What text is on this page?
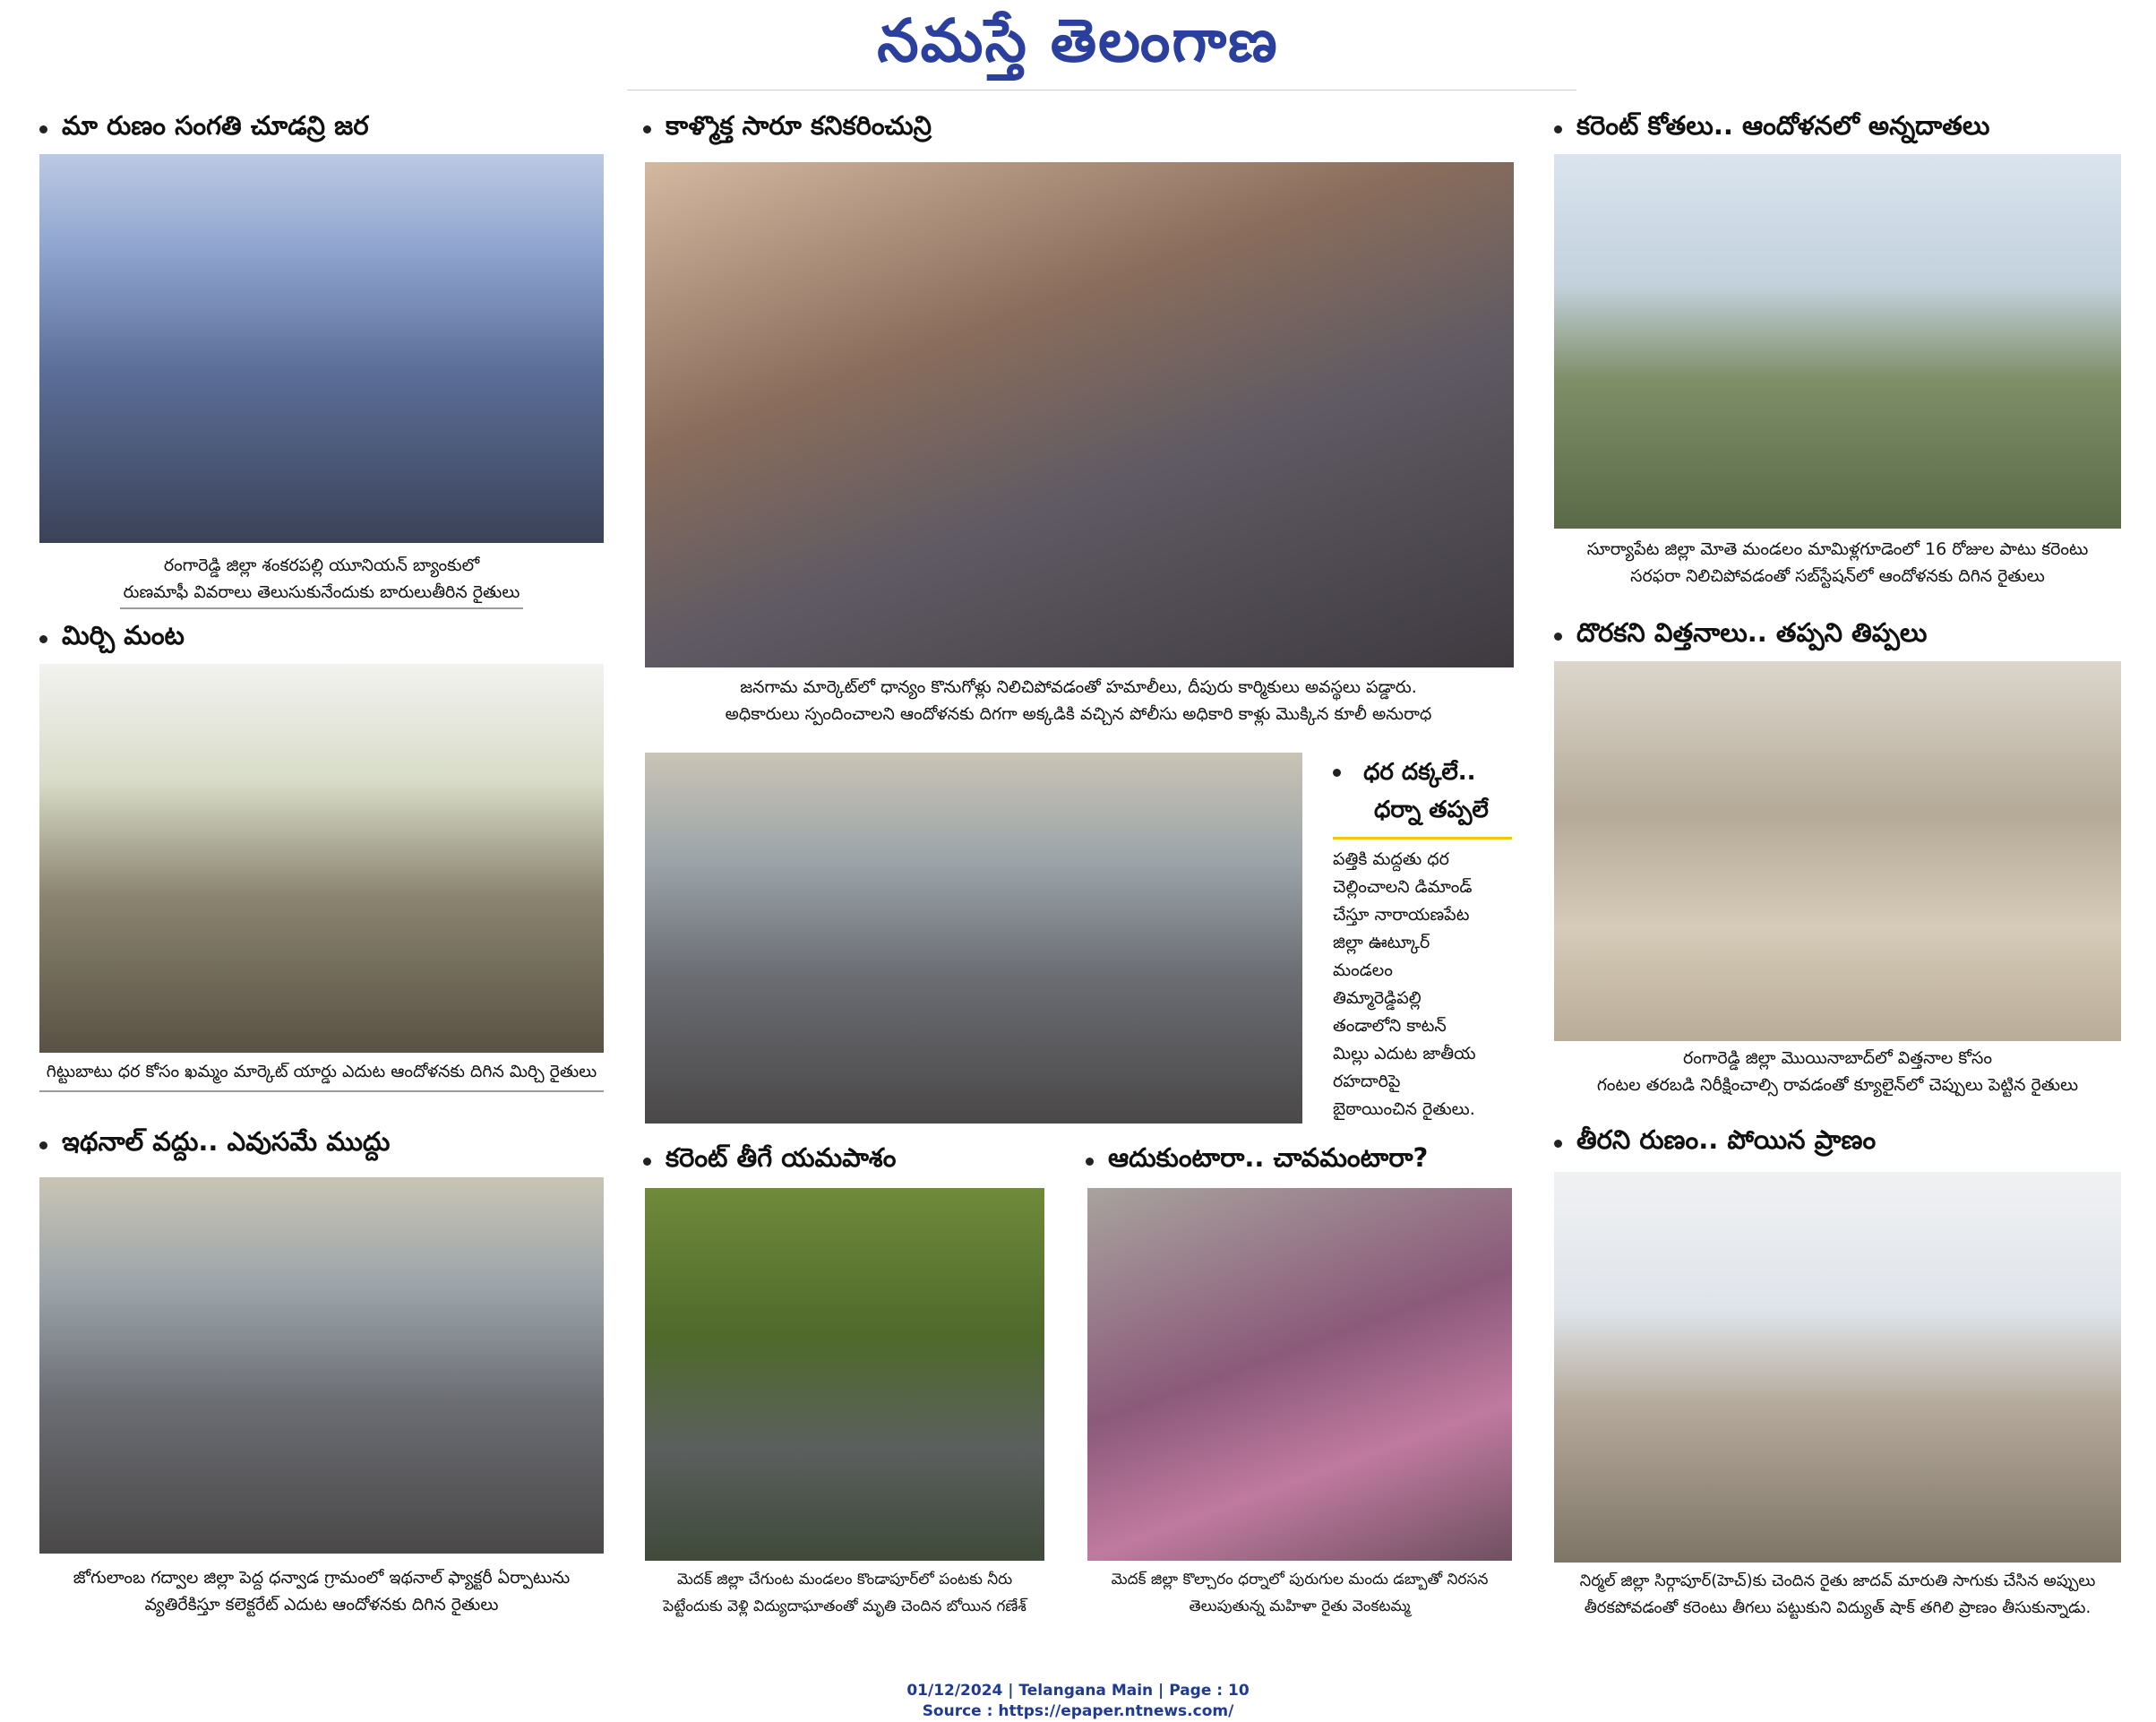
నమస్తే తెలంగాణ
మా రుణం సంగతి చూడన్రి జర
రంగారెడ్డి జిల్లా శంకరపల్లి యూనియన్ బ్యాంకులో
రుణమాఫీ వివరాలు తెలుసుకునేందుకు బారులుతీరిన రైతులు
కాళ్మొక్త సారూ కనికరించున్రి
జనగామ మార్కెట్‌లో ధాన్యం కొనుగోళ్లు నిలిచిపోవడంతో హమాలీలు, దీపురు కార్మికులు అవస్థలు పడ్డారు.
అధికారులు స్పందించాలని ఆందోళనకు దిగగా అక్కడికి వచ్చిన పోలీసు అధికారి కాళ్లు మొక్కిన కూలీ అనురాధ
కరెంట్ కోతలు.. ఆందోళనలో అన్నదాతలు
సూర్యాపేట జిల్లా మోతె మండలం మామిళ్లగూడెంలో 16 రోజుల పాటు కరెంటు
సరఫరా నిలిచిపోవడంతో సబ్‌స్టేషన్‌లో ఆందోళనకు దిగిన రైతులు
మిర్చి మంట
గిట్టుబాటు ధర కోసం ఖమ్మం మార్కెట్ యార్డు ఎదుట ఆందోళనకు దిగిన మిర్చి రైతులు
ధర దక్కలే..
ధర్నా తప్పలే
పత్తికి మద్దతు ధర
చెల్లించాలని డిమాండ్
చేస్తూ నారాయణపేట
జిల్లా ఊట్కూర్
మండలం
తిమ్మారెడ్డిపల్లి
తండాలోని కాటన్
మిల్లు ఎదుట జాతీయ
రహదారిపై
బైఠాయించిన రైతులు.
దొరకని విత్తనాలు.. తప్పని తిప్పలు
రంగారెడ్డి జిల్లా మొయినాబాద్‌లో విత్తనాల కోసం
గంటల తరబడి నిరీక్షించాల్సి రావడంతో క్యూలైన్‌లో చెప్పులు పెట్టిన రైతులు
ఇథనాల్ వద్దు.. ఎవుసమే ముద్దు
జోగులాంబ గద్వాల జిల్లా పెద్ద ధన్వాడ గ్రామంలో ఇథనాల్ ఫ్యాక్టరీ ఏర్పాటును
వ్యతిరేకిస్తూ కలెక్టరేట్ ఎదుట ఆందోళనకు దిగిన రైతులు
కరెంట్ తీగే యమపాశం
మెదక్ జిల్లా చేగుంట మండలం కొండాపూర్‌లో పంటకు నీరు
పెట్టేందుకు వెళ్లి విద్యుదాఘాతంతో మృతి చెందిన బోయిన గణేశ్
ఆదుకుంటారా.. చావమంటారా?
మెదక్ జిల్లా కొల్చారం ధర్నాలో పురుగుల మందు డబ్బాతో నిరసన
తెలుపుతున్న మహిళా రైతు వెంకటమ్మ
తీరని రుణం.. పోయిన ప్రాణం
నిర్మల్ జిల్లా సిర్గాపూర్(హెచ్)కు చెందిన రైతు జాదవ్ మారుతి సాగుకు చేసిన అప్పులు
తీరకపోవడంతో కరెంటు తీగలు పట్టుకుని విద్యుత్ షాక్ తగిలి ప్రాణం తీసుకున్నాడు.
01/12/2024 | Telangana Main | Page : 10
Source : https://epaper.ntnews.com/
